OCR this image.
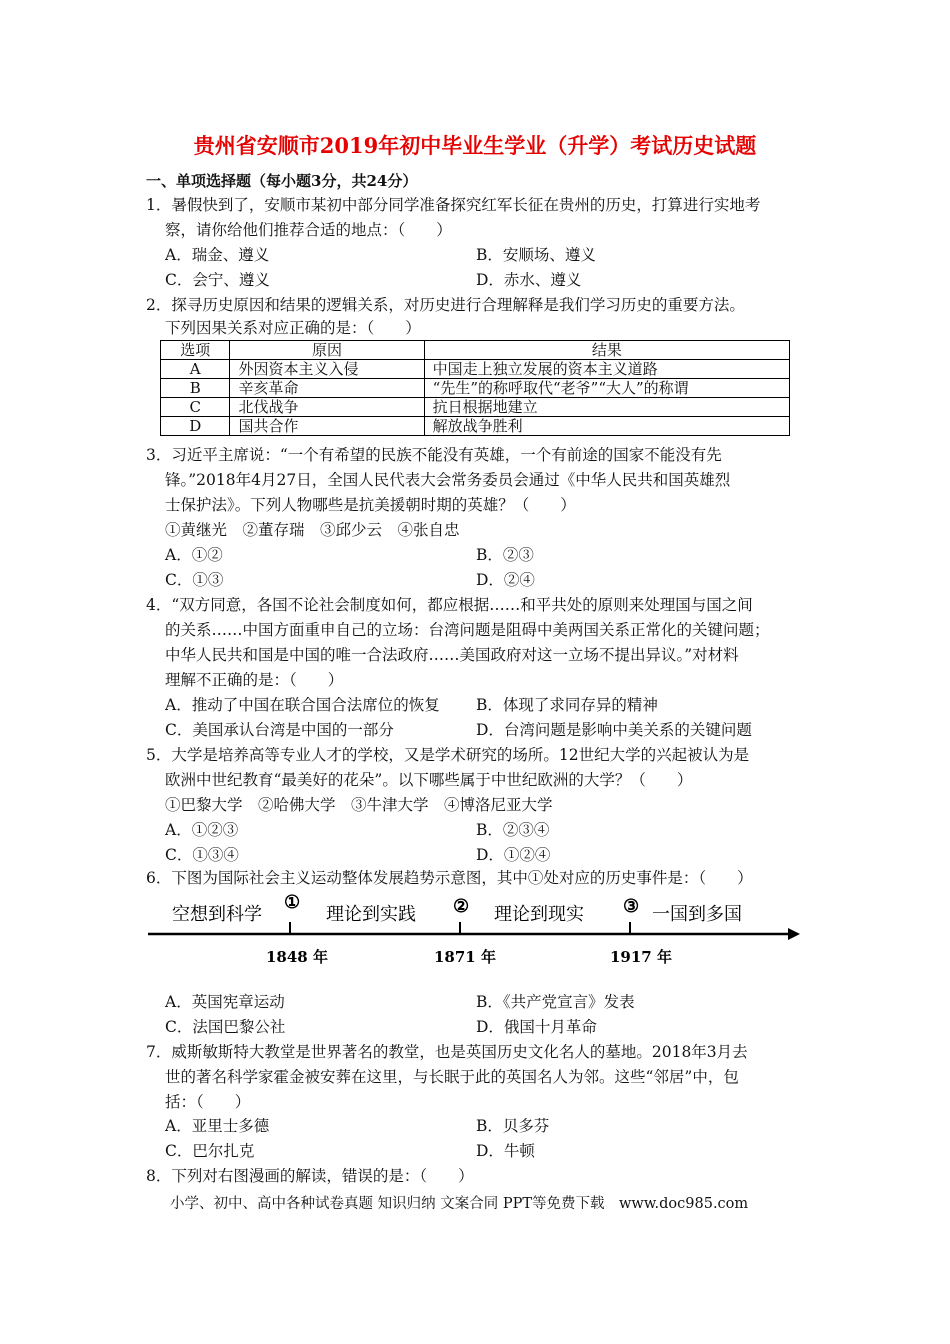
贵州省安顺市2019年初中毕业生学业（升学）考试历史试题
一、单项选择题（每小题3分，共24分）

1．暑假快到了，安顺市某初中部分同学准备探究红军长征在贵州的历史，打算进行实地考

察，请你给他们推荐合适的地点：（　　）

A．瑞金、遵义	B．安顺场、遵义

C．会宁、遵义	D．赤水、遵义

2．探寻历史原因和结果的逻辑关系，对历史进行合理解释是我们学习历史的重要方法。

下列因果关系对应正确的是：（　　）

选项	原因	结果
A	外因资本主义入侵	中国走上独立发展的资本主义道路
B	辛亥革命	“先生”的称呼取代“老爷”“大人”的称谓
C	北伐战争	抗日根据地建立
D	国共合作	解放战争胜利

3．习近平主席说：“一个有希望的民族不能没有英雄，一个有前途的国家不能没有先

锋。”2018年4月27日，全国人民代表大会常务委员会通过《中华人民共和国英雄烈

士保护法》。下列人物哪些是抗美援朝时期的英雄？（　　）

①黄继光　②董存瑞　③邱少云　④张自忠

A．①②	B．②③

C．①③	D．②④

4．“双方同意，各国不论社会制度如何，都应根据……和平共处的原则来处理国与国之间

的关系……中国方面重申自己的立场：台湾问题是阻碍中美两国关系正常化的关键问题；

中华人民共和国是中国的唯一合法政府……美国政府对这一立场不提出异议。”对材料

理解不正确的是：（　　）

A．推动了中国在联合国合法席位的恢复 B．体现了求同存异的精神

C．美国承认台湾是中国的一部分	D．台湾问题是影响中美关系的关键问题

5．大学是培养高等专业人才的学校，又是学术研究的场所。12世纪大学的兴起被认为是

欧洲中世纪教育“最美好的花朵”。以下哪些属于中世纪欧洲的大学？（　　）

①巴黎大学　②哈佛大学　③牛津大学　④博洛尼亚大学

A．①②③	B．②③④

C．①③④	D．①②④

6．下图为国际社会主义运动整体发展趋势示意图，其中①处对应的历史事件是：（　　）

空想到科学	理论到实践	理论到现实	一国到多国
①	②	③
1848 年	1871 年	1917 年

A．英国宪章运动	B．《共产党宣言》发表

C．法国巴黎公社	D．俄国十月革命

7．威斯敏斯特大教堂是世界著名的教堂，也是英国历史文化名人的墓地。2018年3月去

世的著名科学家霍金被安葬在这里，与长眠于此的英国名人为邻。这些“邻居”中，包

括：（　　）

A．亚里士多德	B．贝多芬

C．巴尔扎克	D．牛顿

8．下列对右图漫画的解读，错误的是：（　　）

小学、初中、高中各种试卷真题 知识归纳 文案合同 PPT等免费下载　www.doc985.com
